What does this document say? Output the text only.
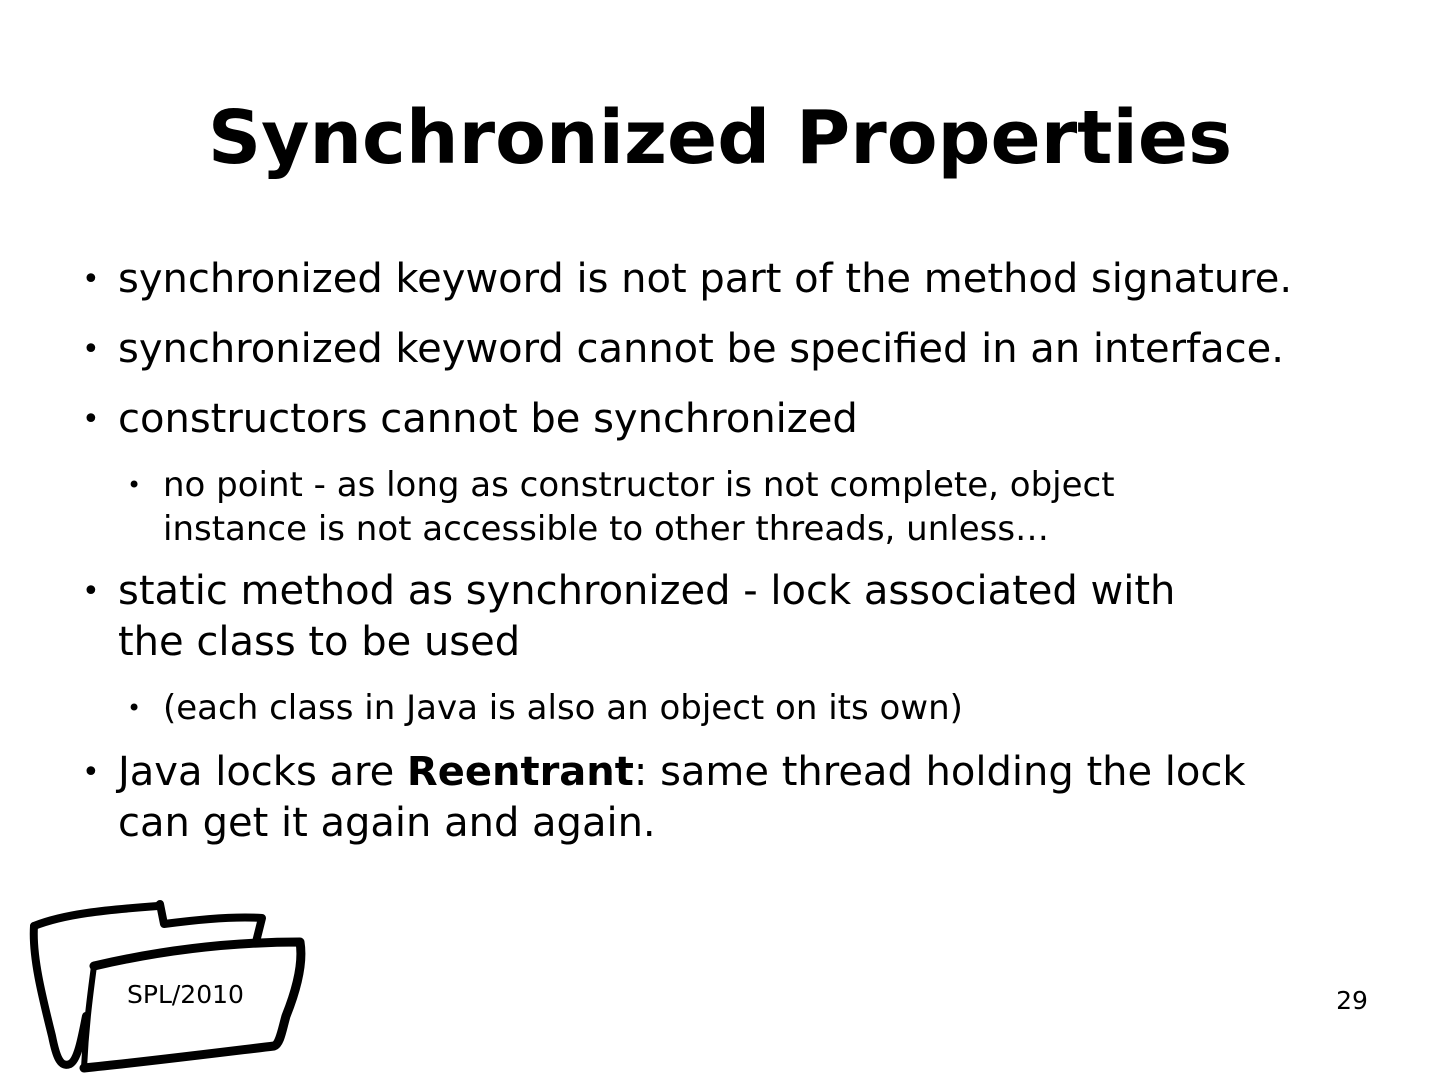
Synchronized Properties
• synchronized keyword is not part of the method signature.
• synchronized keyword cannot be specified in an interface.
• constructors cannot be synchronized
• no point - as long as constructor is not complete, object
instance is not accessible to other threads, unless…
• static method as synchronized - lock associated with
the class to be used
• (each class in Java is also an object on its own)
• Java locks are Reentrant: same thread holding the lock
can get it again and again.
SPL/2010	29
